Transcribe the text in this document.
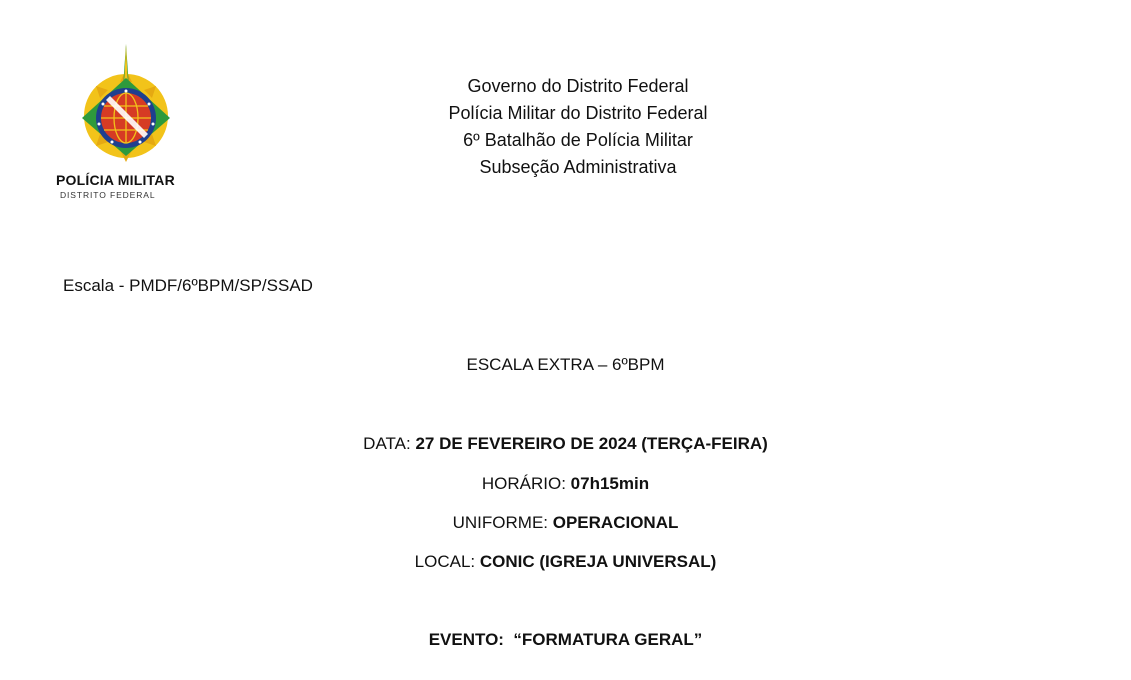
POLÍCIA MILITAR
DISTRITO FEDERAL
Governo do Distrito Federal
Polícia Militar do Distrito Federal
6º Batalhão de Polícia Militar
Subseção Administrativa
Escala - PMDF/6ºBPM/SP/SSAD
ESCALA EXTRA – 6ºBPM
DATA: 27 DE FEVEREIRO DE 2024 (TERÇA-FEIRA)
HORÁRIO: 07h15min
UNIFORME: OPERACIONAL
LOCAL: CONIC (IGREJA UNIVERSAL)
EVENTO:  “FORMATURA GERAL”
